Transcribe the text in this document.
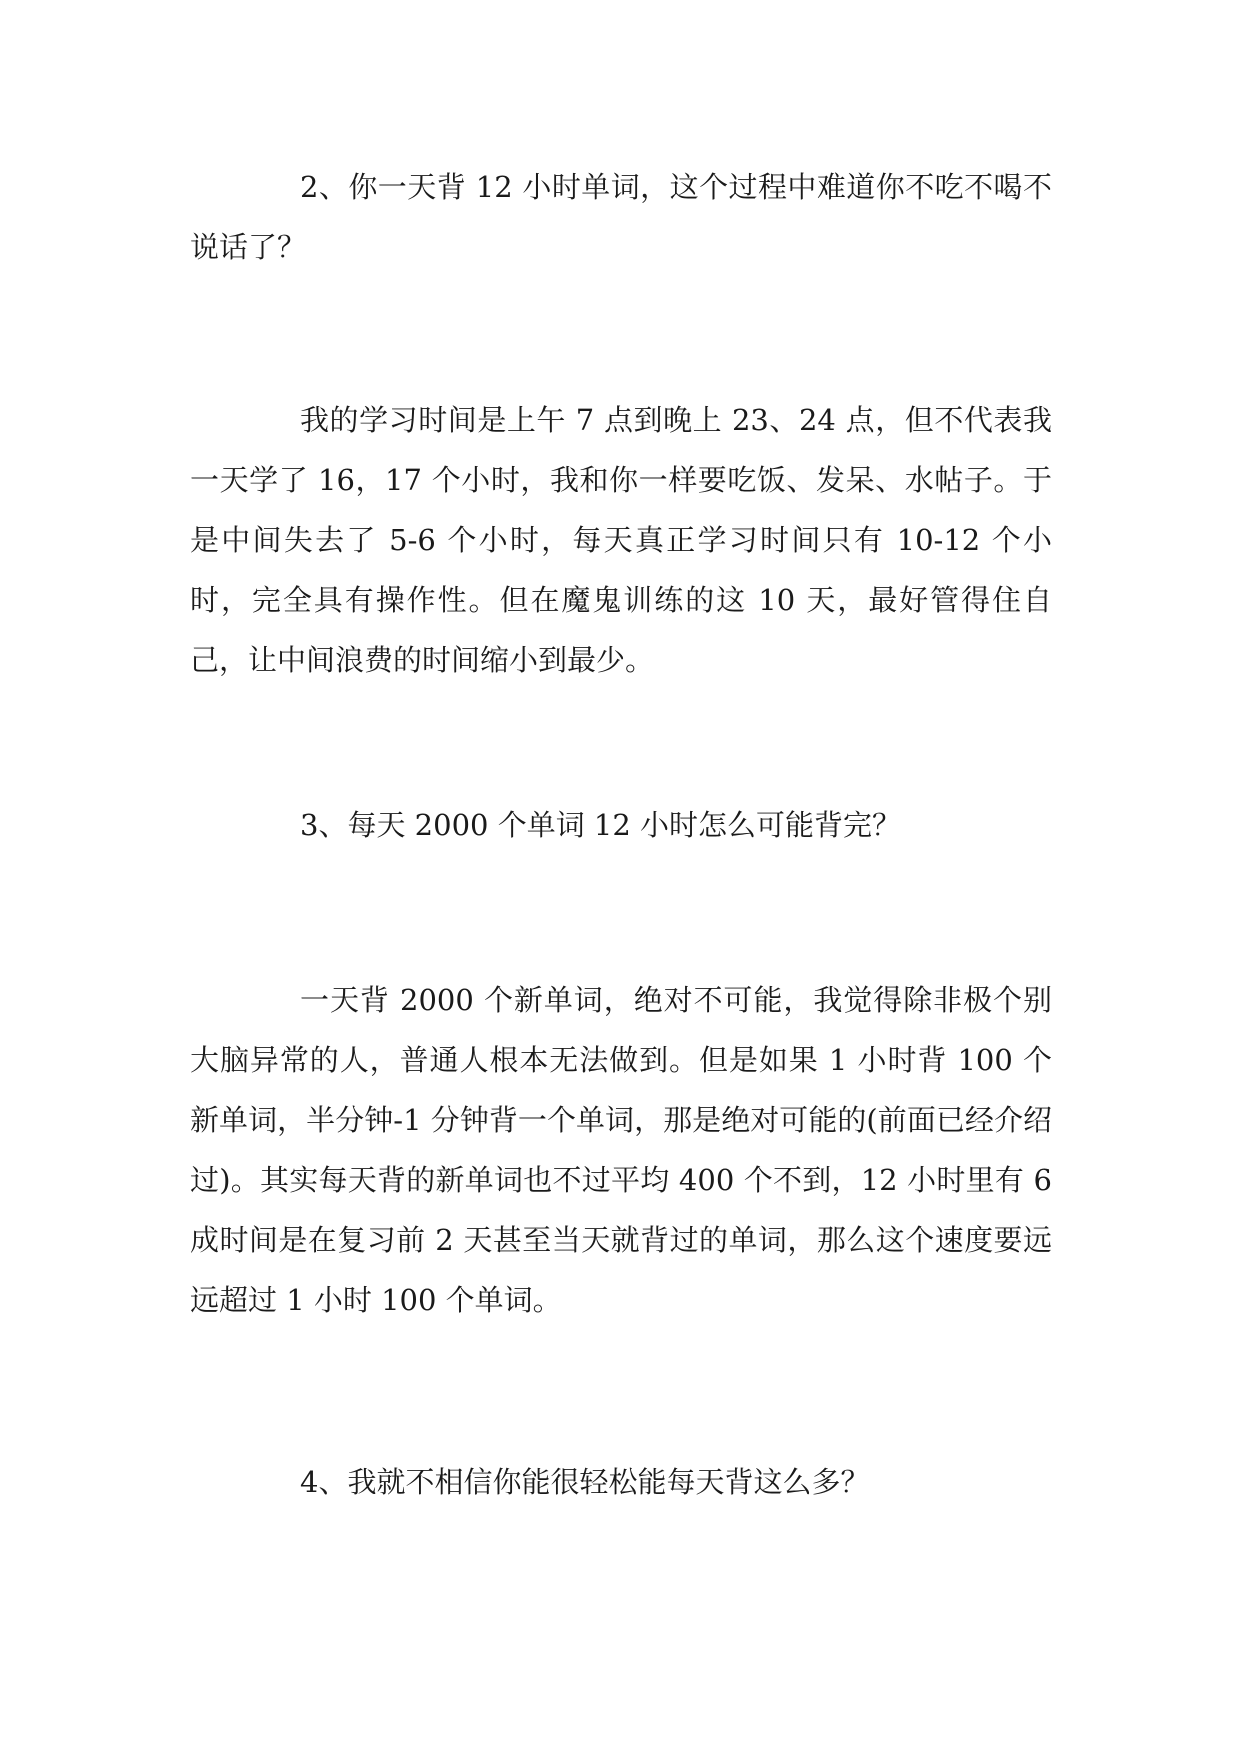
2、你一天背 12 小时单词，这个过程中难道你不吃不喝不说话了？

我的学习时间是上午 7 点到晚上 23、24 点，但不代表我一天学了 16，17 个小时，我和你一样要吃饭、发呆、水帖子。于是中间失去了 5-6 个小时，每天真正学习时间只有 10-12 个小时，完全具有操作性。但在魔鬼训练的这 10 天，最好管得住自己，让中间浪费的时间缩小到最少。

3、每天 2000 个单词 12 小时怎么可能背完？

一天背 2000 个新单词，绝对不可能，我觉得除非极个别大脑异常的人，普通人根本无法做到。但是如果 1 小时背 100 个新单词，半分钟-1 分钟背一个单词，那是绝对可能的(前面已经介绍过)。其实每天背的新单词也不过平均 400 个不到，12 小时里有 6 成时间是在复习前 2 天甚至当天就背过的单词，那么这个速度要远远超过 1 小时 100 个单词。

4、我就不相信你能很轻松能每天背这么多？
